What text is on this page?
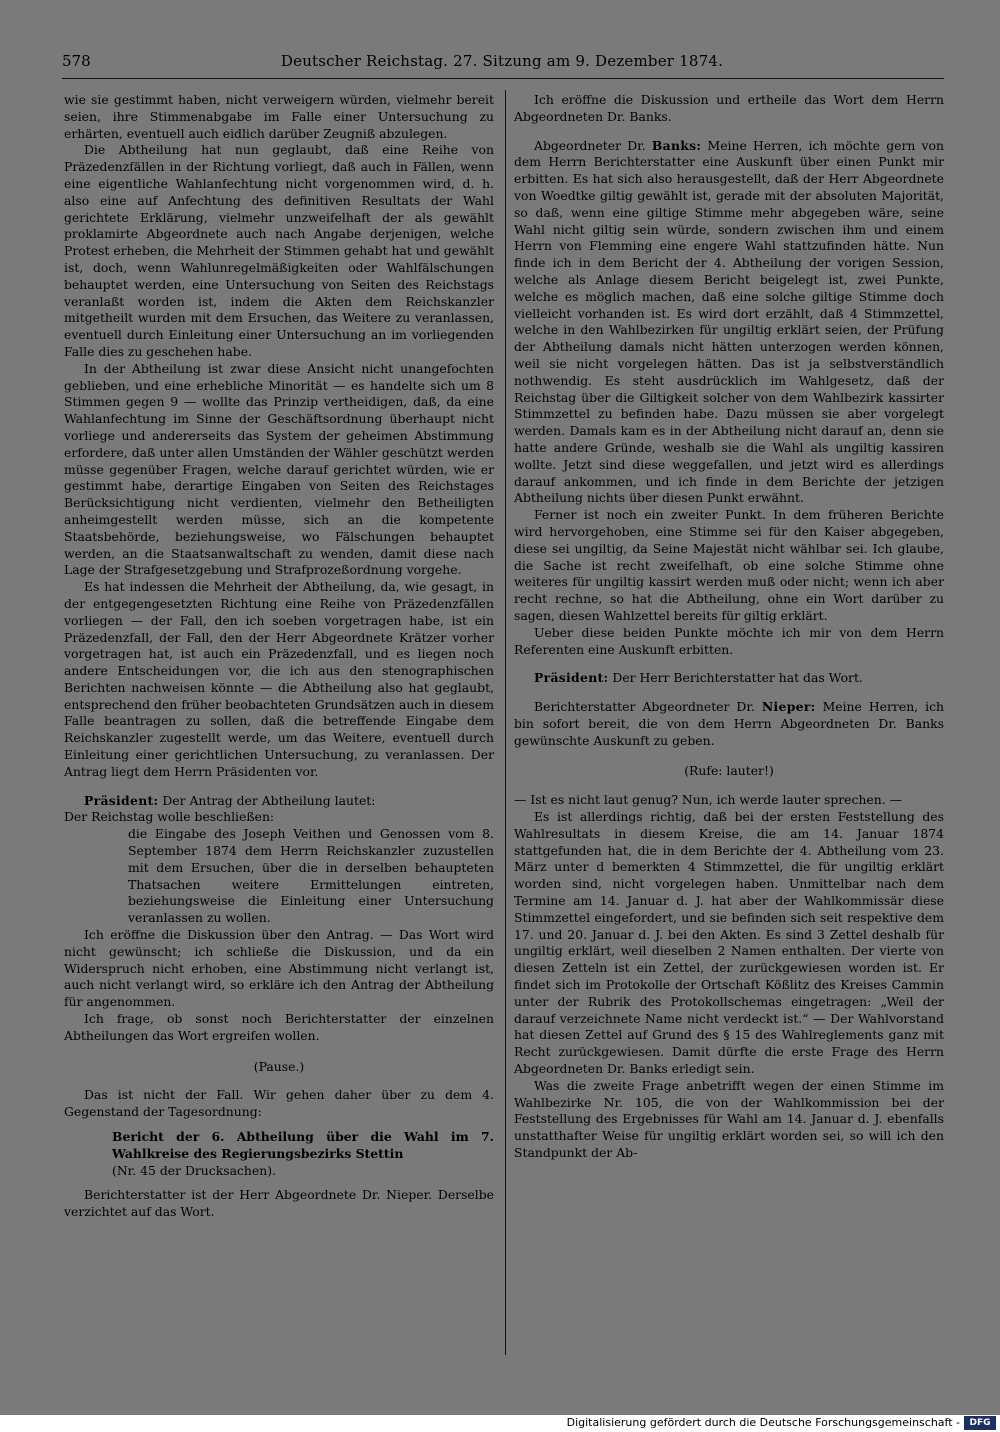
578	Deutscher Reichstag. 27. Sitzung am 9. Dezember 1874.

wie sie gestimmt haben, nicht verweigern würden, vielmehr bereit seien, ihre Stimmenabgabe im Falle einer Untersuchung zu erhärten, eventuell auch eidlich darüber Zeugniß abzulegen.

Die Abtheilung hat nun geglaubt, daß eine Reihe von Präzedenzfällen in der Richtung vorliegt, daß auch in Fällen, wenn eine eigentliche Wahlanfechtung nicht vorgenommen wird, d. h. also eine auf Anfechtung des definitiven Resultats der Wahl gerichtete Erklärung, vielmehr unzweifelhaft der als gewählt proklamirte Abgeordnete auch nach Angabe derjenigen, welche Protest erheben, die Mehrheit der Stimmen gehabt hat und gewählt ist, doch, wenn Wahlunregelmäßigkeiten oder Wahlfälschungen behauptet werden, eine Untersuchung von Seiten des Reichstags veranlaßt worden ist, indem die Akten dem Reichskanzler mitgetheilt wurden mit dem Ersuchen, das Weitere zu veranlassen, eventuell durch Einleitung einer Untersuchung an im vorliegenden Falle dies zu geschehen habe.

In der Abtheilung ist zwar diese Ansicht nicht unangefochten geblieben, und eine erhebliche Minorität — es handelte sich um 8 Stimmen gegen 9 — wollte das Prinzip vertheidigen, daß, da eine Wahlanfechtung im Sinne der Geschäftsordnung überhaupt nicht vorliege und andererseits das System der geheimen Abstimmung erfordere, daß unter allen Umständen der Wähler geschützt werden müsse gegenüber Fragen, welche darauf gerichtet würden, wie er gestimmt habe, derartige Eingaben von Seiten des Reichstages Berücksichtigung nicht verdienten, vielmehr den Betheiligten anheimgestellt werden müsse, sich an die kompetente Staatsbehörde, beziehungsweise, wo Fälschungen behauptet werden, an die Staatsanwaltschaft zu wenden, damit diese nach Lage der Strafgesetzgebung und Strafprozeßordnung vorgehe.

Es hat indessen die Mehrheit der Abtheilung, da, wie gesagt, in der entgegengesetzten Richtung eine Reihe von Präzedenzfällen vorliegen — der Fall, den ich soeben vorgetragen habe, ist ein Präzedenzfall, der Fall, den der Herr Abgeordnete Krätzer vorher vorgetragen hat, ist auch ein Präzedenzfall, und es liegen noch andere Entscheidungen vor, die ich aus den stenographischen Berichten nachweisen könnte — die Abtheilung also hat geglaubt, entsprechend den früher beobachteten Grundsätzen auch in diesem Falle beantragen zu sollen, daß die betreffende Eingabe dem Reichskanzler zugestellt werde, um das Weitere, eventuell durch Einleitung einer gerichtlichen Untersuchung, zu veranlassen. Der Antrag liegt dem Herrn Präsidenten vor.

Präsident: Der Antrag der Abtheilung lautet:

Der Reichstag wolle beschließen:

die Eingabe des Joseph Veithen und Genossen vom 8. September 1874 dem Herrn Reichskanzler zuzustellen mit dem Ersuchen, über die in derselben behaupteten Thatsachen weitere Ermittelungen eintreten, beziehungsweise die Einleitung einer Untersuchung veranlassen zu wollen.

Ich eröffne die Diskussion über den Antrag. — Das Wort wird nicht gewünscht; ich schließe die Diskussion, und da ein Widerspruch nicht erhoben, eine Abstimmung nicht verlangt ist, auch nicht verlangt wird, so erkläre ich den Antrag der Abtheilung für angenommen.

Ich frage, ob sonst noch Berichterstatter der einzelnen Abtheilungen das Wort ergreifen wollen.

(Pause.)

Das ist nicht der Fall. Wir gehen daher über zu dem 4. Gegenstand der Tagesordnung:

Bericht der 6. Abtheilung über die Wahl im 7. Wahlkreise des Regierungsbezirks Stettin

(Nr. 45 der Drucksachen).

Berichterstatter ist der Herr Abgeordnete Dr. Nieper. Derselbe verzichtet auf das Wort.

Ich eröffne die Diskussion und ertheile das Wort dem Herrn Abgeordneten Dr. Banks.

Abgeordneter Dr. Banks: Meine Herren, ich möchte gern von dem Herrn Berichterstatter eine Auskunft über einen Punkt mir erbitten. Es hat sich also herausgestellt, daß der Herr Abgeordnete von Woedtke giltig gewählt ist, gerade mit der absoluten Majorität, so daß, wenn eine giltige Stimme mehr abgegeben wäre, seine Wahl nicht giltig sein würde, sondern zwischen ihm und einem Herrn von Flemming eine engere Wahl stattzufinden hätte. Nun finde ich in dem Bericht der 4. Abtheilung der vorigen Session, welche als Anlage diesem Bericht beigelegt ist, zwei Punkte, welche es möglich machen, daß eine solche giltige Stimme doch vielleicht vorhanden ist. Es wird dort erzählt, daß 4 Stimmzettel, welche in den Wahlbezirken für ungiltig erklärt seien, der Prüfung der Abtheilung damals nicht hätten unterzogen werden können, weil sie nicht vorgelegen hätten. Das ist ja selbstverständlich nothwendig. Es steht ausdrücklich im Wahlgesetz, daß der Reichstag über die Giltigkeit solcher von dem Wahlbezirk kassirter Stimmzettel zu befinden habe. Dazu müssen sie aber vorgelegt werden. Damals kam es in der Abtheilung nicht darauf an, denn sie hatte andere Gründe, weshalb sie die Wahl als ungiltig kassiren wollte. Jetzt sind diese weggefallen, und jetzt wird es allerdings darauf ankommen, und ich finde in dem Berichte der jetzigen Abtheilung nichts über diesen Punkt erwähnt.

Ferner ist noch ein zweiter Punkt. In dem früheren Berichte wird hervorgehoben, eine Stimme sei für den Kaiser abgegeben, diese sei ungiltig, da Seine Majestät nicht wählbar sei. Ich glaube, die Sache ist recht zweifelhaft, ob eine solche Stimme ohne weiteres für ungiltig kassirt werden muß oder nicht; wenn ich aber recht rechne, so hat die Abtheilung, ohne ein Wort darüber zu sagen, diesen Wahlzettel bereits für giltig erklärt.

Ueber diese beiden Punkte möchte ich mir von dem Herrn Referenten eine Auskunft erbitten.

Präsident: Der Herr Berichterstatter hat das Wort.

Berichterstatter Abgeordneter Dr. Nieper: Meine Herren, ich bin sofort bereit, die von dem Herrn Abgeordneten Dr. Banks gewünschte Auskunft zu geben.

(Rufe: lauter!)

— Ist es nicht laut genug? Nun, ich werde lauter sprechen. —

Es ist allerdings richtig, daß bei der ersten Feststellung des Wahlresultats in diesem Kreise, die am 14. Januar 1874 stattgefunden hat, die in dem Berichte der 4. Abtheilung vom 23. März unter d bemerkten 4 Stimmzettel, die für ungiltig erklärt worden sind, nicht vorgelegen haben. Unmittelbar nach dem Termine am 14. Januar d. J. hat aber der Wahlkommissär diese Stimmzettel eingefordert, und sie befinden sich seit respektive dem 17. und 20. Januar d. J. bei den Akten. Es sind 3 Zettel deshalb für ungiltig erklärt, weil dieselben 2 Namen enthalten. Der vierte von diesen Zetteln ist ein Zettel, der zurückgewiesen worden ist. Er findet sich im Protokolle der Ortschaft Kößlitz des Kreises Cammin unter der Rubrik des Protokollschemas eingetragen: „Weil der darauf verzeichnete Name nicht verdeckt ist.“ — Der Wahlvorstand hat diesen Zettel auf Grund des § 15 des Wahlreglements ganz mit Recht zurückgewiesen. Damit dürfte die erste Frage des Herrn Abgeordneten Dr. Banks erledigt sein.

Was die zweite Frage anbetrifft wegen der einen Stimme im Wahlbezirke Nr. 105, die von der Wahlkommission bei der Feststellung des Ergebnisses für Wahl am 14. Januar d. J. ebenfalls unstatthafter Weise für ungiltig erklärt worden sei, so will ich den Standpunkt der Ab-

Digitalisierung gefördert durch die Deutsche Forschungsgemeinschaft -	DFG
